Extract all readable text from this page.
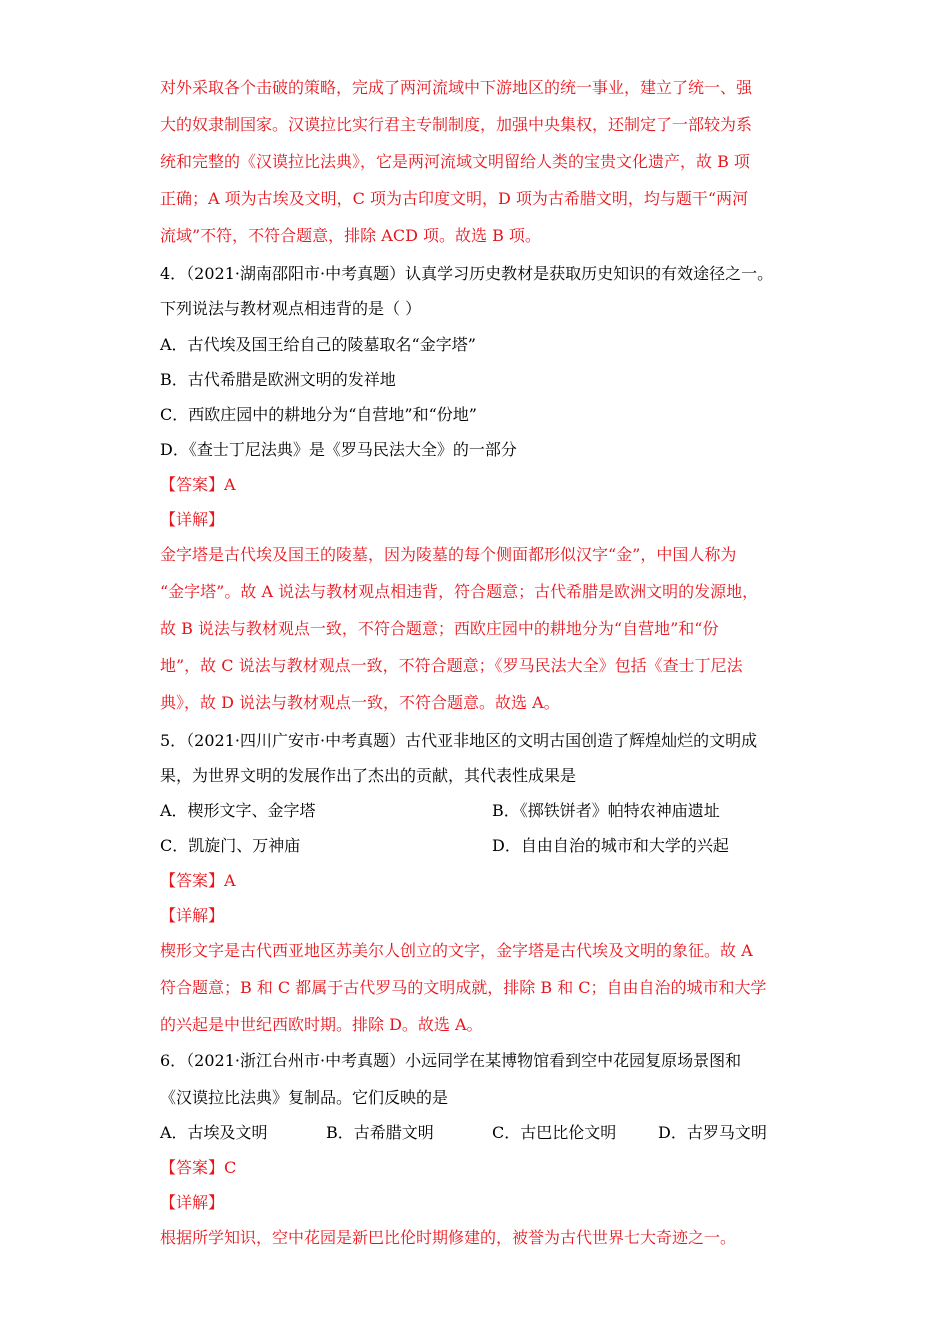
对外采取各个击破的策略，完成了两河流域中下游地区的统一事业，建立了统一、强
大的奴隶制国家。汉谟拉比实行君主专制制度，加强中央集权，还制定了一部较为系
统和完整的《汉谟拉比法典》，它是两河流域文明留给人类的宝贵文化遗产，故 B 项
正确；A 项为古埃及文明，C 项为古印度文明，D 项为古希腊文明，均与题干“两河
流域”不符，不符合题意，排除 ACD 项。故选 B 项。
4．（2021·湖南邵阳市·中考真题）认真学习历史教材是获取历史知识的有效途径之一。
下列说法与教材观点相违背的是（ ）
A．古代埃及国王给自己的陵墓取名“金字塔”
B．古代希腊是欧洲文明的发祥地
C．西欧庄园中的耕地分为“自营地”和“份地”
D．《查士丁尼法典》是《罗马民法大全》的一部分
【答案】A
【详解】
金字塔是古代埃及国王的陵墓，因为陵墓的每个侧面都形似汉字“金”，中国人称为
“金字塔”。故 A 说法与教材观点相违背，符合题意；古代希腊是欧洲文明的发源地，
故 B 说法与教材观点一致，不符合题意；西欧庄园中的耕地分为“自营地”和“份
地”，故 C 说法与教材观点一致，不符合题意；《罗马民法大全》包括《查士丁尼法
典》，故 D 说法与教材观点一致，不符合题意。故选 A。
5．（2021·四川广安市·中考真题）古代亚非地区的文明古国创造了辉煌灿烂的文明成
果，为世界文明的发展作出了杰出的贡献，其代表性成果是
A．楔形文字、金字塔	B．《掷铁饼者》帕特农神庙遗址
C．凯旋门、万神庙	D．自由自治的城市和大学的兴起
【答案】A
【详解】
楔形文字是古代西亚地区苏美尔人创立的文字，金字塔是古代埃及文明的象征。故 A
符合题意；B 和 C 都属于古代罗马的文明成就，排除 B 和 C；自由自治的城市和大学
的兴起是中世纪西欧时期。排除 D。故选 A。
6．（2021·浙江台州市·中考真题）小远同学在某博物馆看到空中花园复原场景图和
《汉谟拉比法典》复制品。它们反映的是
A．古埃及文明	B．古希腊文明	C．古巴比伦文明	D．古罗马文明
【答案】C
【详解】
根据所学知识，空中花园是新巴比伦时期修建的，被誉为古代世界七大奇迹之一。
